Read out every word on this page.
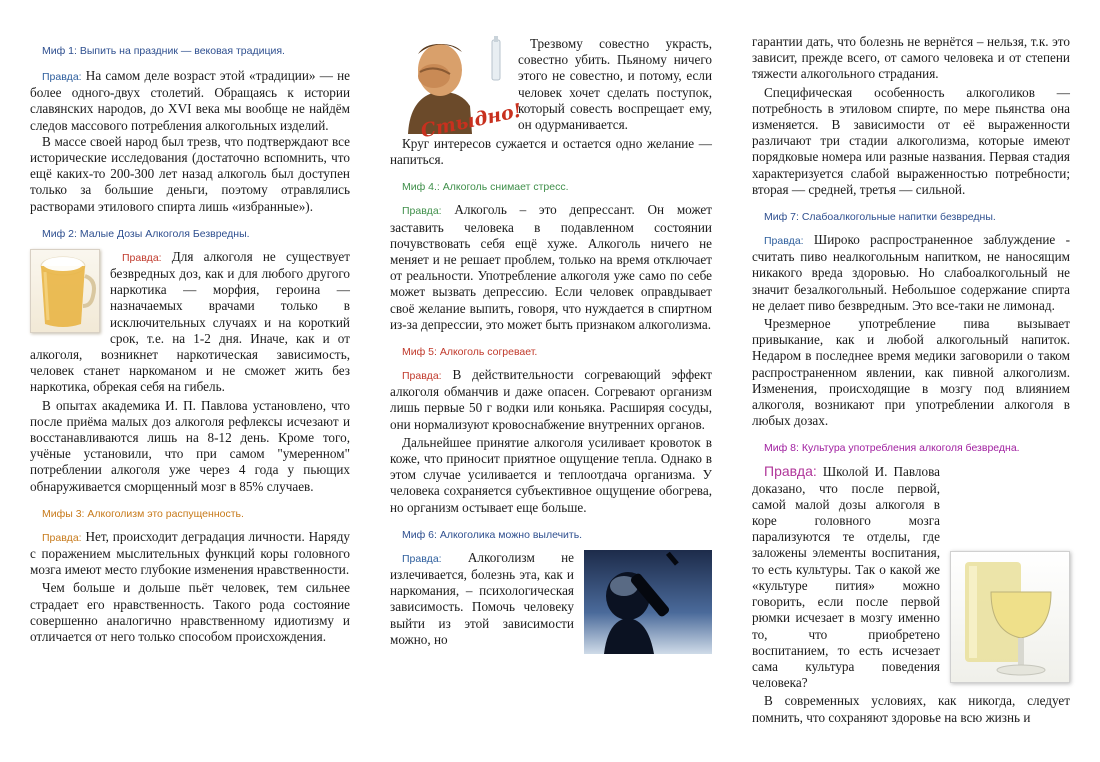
Миф 1: Выпить на праздник — вековая традиция.

Правда: На самом деле возраст этой «традиции» — не более одного-двух столетий. Обращаясь к истории славянских народов, до XVI века мы вообще не найдём следов массового потребления алкогольных изделий.

В массе своей народ был трезв, что подтверждают все исторические исследования (достаточно вспомнить, что ещё каких-то 200-300 лет назад алкоголь был доступен только за большие деньги, поэтому отравлялись растворами этилового спирта лишь «избранные»).

Миф 2: Малые Дозы Алкоголя Безвредны.

Правда: Для алкоголя не существует безвредных доз, как и для любого другого наркотика — морфия, героина — назначаемых врачами только в исключительных случаях и на короткий срок, т.е. на 1-2 дня. Иначе, как и от алкоголя, возникнет наркотическая зависимость, человек станет наркоманом и не сможет жить без наркотика, обрекая себя на гибель.

В опытах академика И. П. Павлова установлено, что после приёма малых доз алкоголя рефлексы исчезают и восстанавливаются лишь на 8-12 день. Кроме того, учёные установили, что при самом "умеренном" потреблении алкоголя уже через 4 года у пьющих обнаруживается сморщенный мозг в 85% случаев.

Мифы 3: Алкоголизм это распущенность.

Правда: Нет, происходит деградация личности. Наряду с поражением мыслительных функций коры головного мозга имеют место глубокие изменения нравственности.

Чем больше и дольше пьёт человек, тем сильнее страдает его нравственность. Такого рода состояние совершенно аналогично нравственному идиотизму и отличается от него только способом происхождения.

Стыдно!

Трезвому совестно украсть, совестно убить. Пьяному ничего этого не совестно, и потому, если человек хочет сделать поступок, который совесть воспрещает ему, он одурманивается.

Круг интересов сужается и остается одно желание — напиться.

Миф 4.: Алкоголь снимает стресс.

Правда: Алкоголь – это депрессант. Он может заставить человека в подавленном состоянии почувствовать себя ещё хуже. Алкоголь ничего не меняет и не решает проблем, только на время отключает от реальности. Употребление алкоголя уже само по себе может вызвать депрессию. Если человек оправдывает своё желание выпить, говоря, что нуждается в спиртном из-за депрессии, это может быть признаком алкоголизма.

Миф 5: Алкоголь согревает.

Правда: В действительности согревающий эффект алкоголя обманчив и даже опасен. Согревают организм лишь первые 50 г водки или коньяка. Расширяя сосуды, они нормализуют кровоснабжение внутренних органов.

Дальнейшее принятие алкоголя усиливает кровоток в коже, что приносит приятное ощущение тепла. Однако в этом случае усиливается и теплоотдача организма. У человека сохраняется субъективное ощущение обогрева, но организм остывает еще больше.

Миф 6: Алкоголика можно вылечить.

Правда: Алкоголизм не излечивается, болезнь эта, как и наркомания, – психологическая зависимость. Помочь человеку выйти из этой зависимости можно, но

гарантии дать, что болезнь не вернётся – нельзя, т.к. это зависит, прежде всего, от самого человека и от степени тяжести алкогольного страдания.

Специфическая особенность алкоголиков — потребность в этиловом спирте, по мере пьянства она изменяется. В зависимости от её выраженности различают три стадии алкоголизма, которые имеют порядковые номера или разные названия. Первая стадия характеризуется слабой выраженностью потребности; вторая — средней, третья — сильной.

Миф 7: Слабоалкогольные напитки безвредны.

Правда: Широко распространенное заблуждение - считать пиво неалкогольным напитком, не наносящим никакого вреда здоровью. Но слабоалкогольный не значит безалкогольный. Небольшое содержание спирта не делает пиво безвредным. Это все-таки не лимонад.

Чрезмерное употребление пива вызывает привыкание, как и любой алкогольный напиток. Недаром в последнее время медики заговорили о таком распространенном явлении, как пивной алкоголизм. Изменения, происходящие в мозгу под влиянием алкоголя, возникают при употреблении алкоголя в любых дозах.

Миф 8: Культура употребления алкоголя безвредна.

Правда: Школой И. Павлова доказано, что после первой, самой малой дозы алкоголя в коре головного мозга парализуются те отделы, где заложены элементы воспитания, то есть культуры. Так о какой же «культуре пития» можно говорить, если после первой рюмки исчезает в мозгу именно то, что приобретено воспитанием, то есть исчезает сама культура поведения человека?

В современных условиях, как никогда, следует помнить, что сохраняют здоровье на всю жизнь и
